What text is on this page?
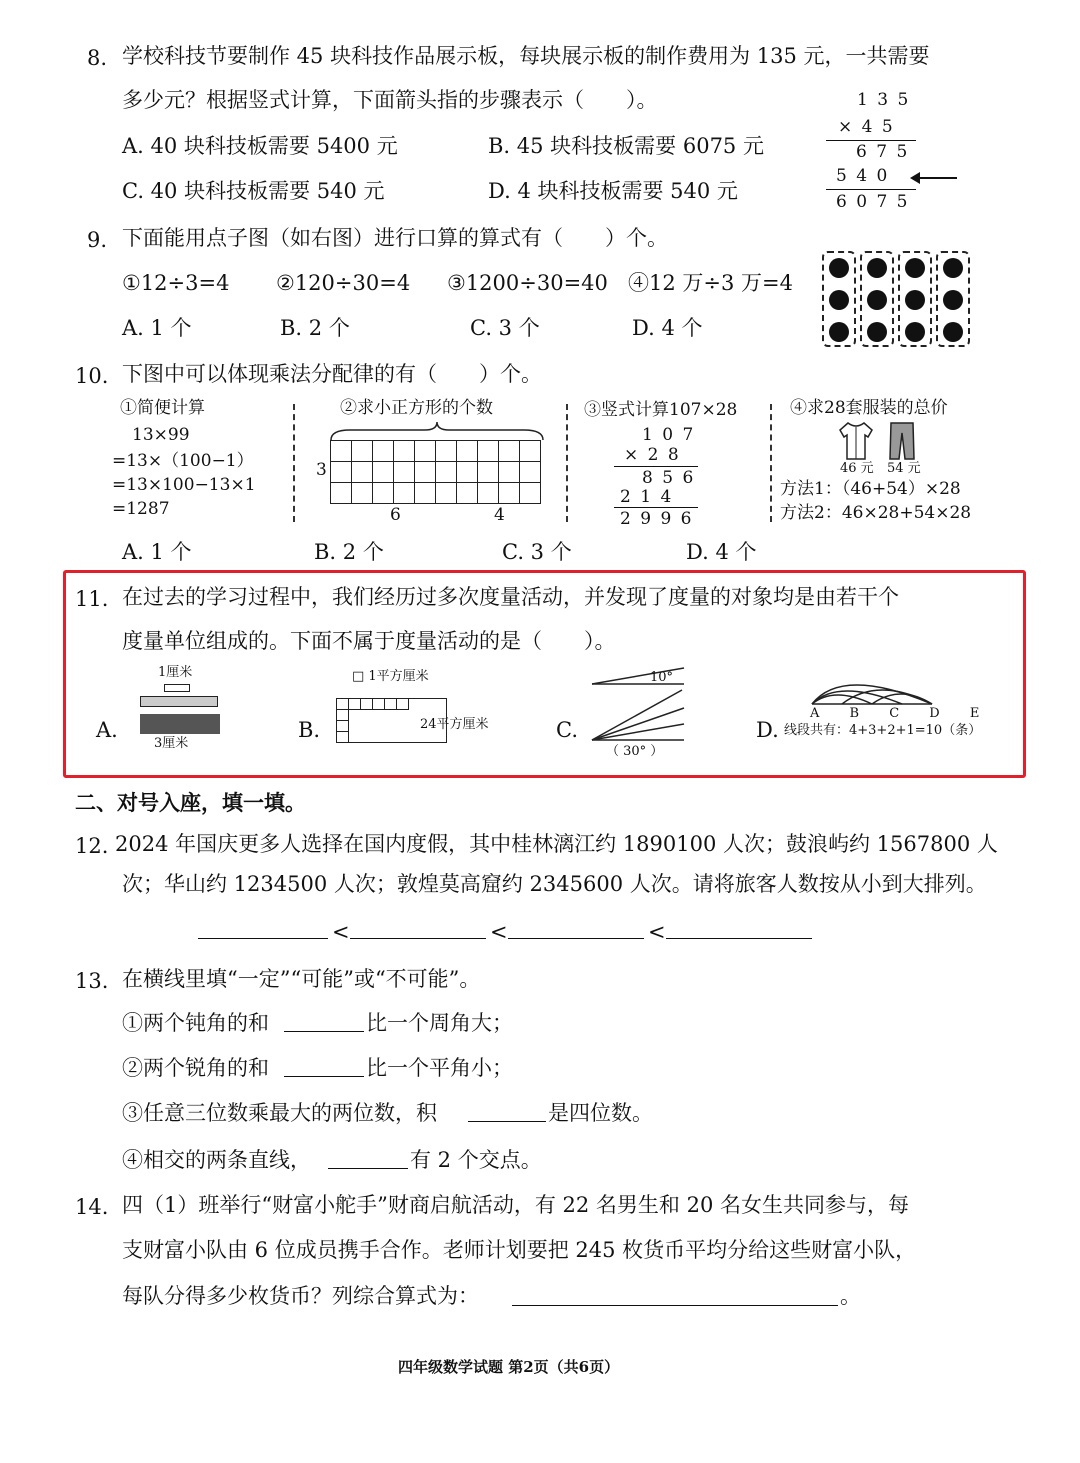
8. 学校科技节要制作 45 块科技作品展示板，每块展示板的制作费用为 135 元，一共需要
多少元？根据竖式计算，下面箭头指的步骤表示（　　）。
A. 40 块科技板需要 5400 元	B. 45 块科技板需要 6075 元
C. 40 块科技板需要 540 元	D. 4 块科技板需要 540 元
1 3 5
× 4 5
6 7 5
5 4 0
6 0 7 5
9. 下面能用点子图（如右图）进行口算的算式有（　　）个。
①12÷3=4 ②120÷30=4 ③1200÷30=40 ④12 万÷3 万=4
A. 1 个	B. 2 个	C. 3 个	D. 4 个
10. 下图中可以体现乘法分配律的有（　　）个。
①简便计算
13×99
=13×（100−1）
=13×100−13×1
=1287
②求小正方形的个数
3
6	4
③竖式计算107×28
1 0 7
× 2 8
8 5 6
2 1 4
2 9 9 6
④求28套服装的总价
46 元 54 元
方法1：（46+54）×28
方法2：46×28+54×28
A. 1 个	B. 2 个	C. 3 个	D. 4 个
11. 在过去的学习过程中，我们经历过多次度量活动，并发现了度量的对象均是由若干个
度量单位组成的。下面不属于度量活动的是（　　）。
A.
1厘米
3厘米
B.
□ 1平方厘米
24平方厘米	C.
10°
（ 30° ）
D.
A B C D E
线段共有：4+3+2+1=10（条）
二、对号入座，填一填。
12. 2024 年国庆更多人选择在国内度假，其中桂林漓江约 1890100 人次；鼓浪屿约 1567800 人
次；华山约 1234500 人次；敦煌莫高窟约 2345600 人次。请将旅客人数按从小到大排列。
<	<	<
13. 在横线里填“一定”“可能”或“不可能”。
①两个钝角的和	比一个周角大；
②两个锐角的和	比一个平角小；
③任意三位数乘最大的两位数，积	是四位数。
④相交的两条直线，	有 2 个交点。
14. 四（1）班举行“财富小舵手”财商启航活动，有 22 名男生和 20 名女生共同参与，每
支财富小队由 6 位成员携手合作。老师计划要把 245 枚货币平均分给这些财富小队，
每队分得多少枚货币？列综合算式为：	。
四年级数学试题 第2页（共6页）
